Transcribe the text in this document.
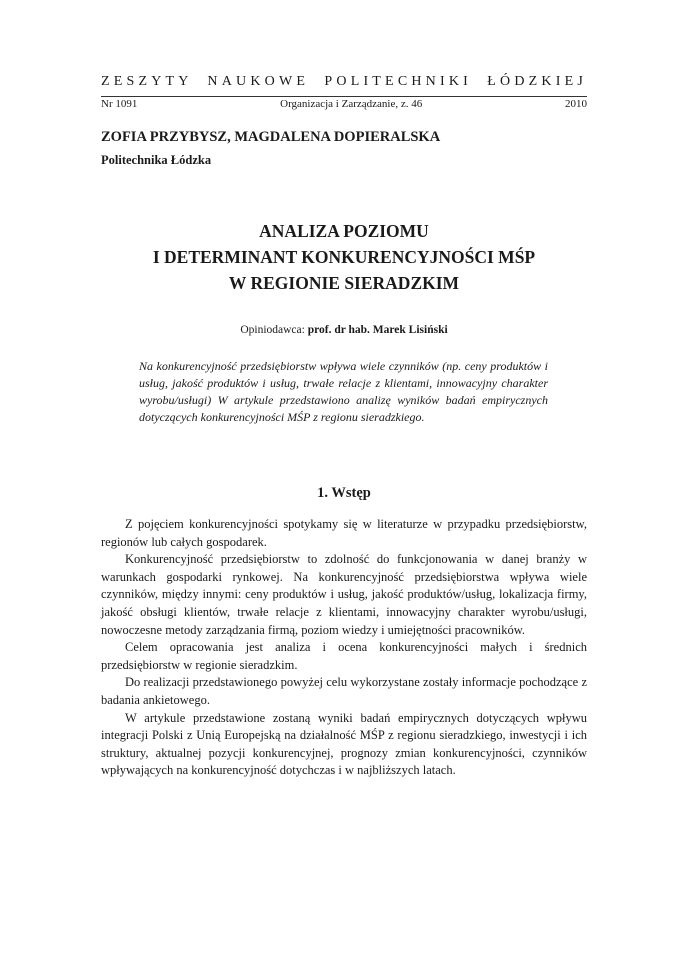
ZESZYTY NAUKOWE POLITECHNIKI ŁÓDZKIEJ
Nr 1091	Organizacja i Zarządzanie, z. 46	2010
ZOFIA PRZYBYSZ, MAGDALENA DOPIERALSKA
Politechnika Łódzka
ANALIZA POZIOMU
I DETERMINANT KONKURENCYJNOŚCI MŚP
W REGIONIE SIERADZKIM
Opiniodawca: prof. dr hab. Marek Lisiński

Na konkurencyjność przedsiębiorstw wpływa wiele czynników (np. ceny produktów i usług, jakość produktów i usług, trwałe relacje z klientami, innowacyjny charakter wyrobu/usługi) W artykule przedstawiono analizę wyników badań empirycznych dotyczących konkurencyjności MŚP z regionu sieradzkiego.

1. Wstęp

Z pojęciem konkurencyjności spotykamy się w literaturze w przypadku przedsiębiorstw, regionów lub całych gospodarek.

Konkurencyjność przedsiębiorstw to zdolność do funkcjonowania w danej branży w warunkach gospodarki rynkowej. Na konkurencyjność przedsiębiorstwa wpływa wiele czynników, między innymi: ceny produktów i usług, jakość produktów/usług, lokalizacja firmy, jakość obsługi klientów, trwałe relacje z klientami, innowacyjny charakter wyrobu/usługi, nowoczesne metody zarządzania firmą, poziom wiedzy i umiejętności pracowników.

Celem opracowania jest analiza i ocena konkurencyjności małych i średnich przedsiębiorstw w regionie sieradzkim.

Do realizacji przedstawionego powyżej celu wykorzystane zostały informacje pochodzące z badania ankietowego.

W artykule przedstawione zostaną wyniki badań empirycznych dotyczących wpływu integracji Polski z Unią Europejską na działalność MŚP z regionu sieradzkiego, inwestycji i ich struktury, aktualnej pozycji konkurencyjnej, prognozy zmian konkurencyjności, czynników wpływających na konkurencyjność dotychczas i w najbliższych latach.
